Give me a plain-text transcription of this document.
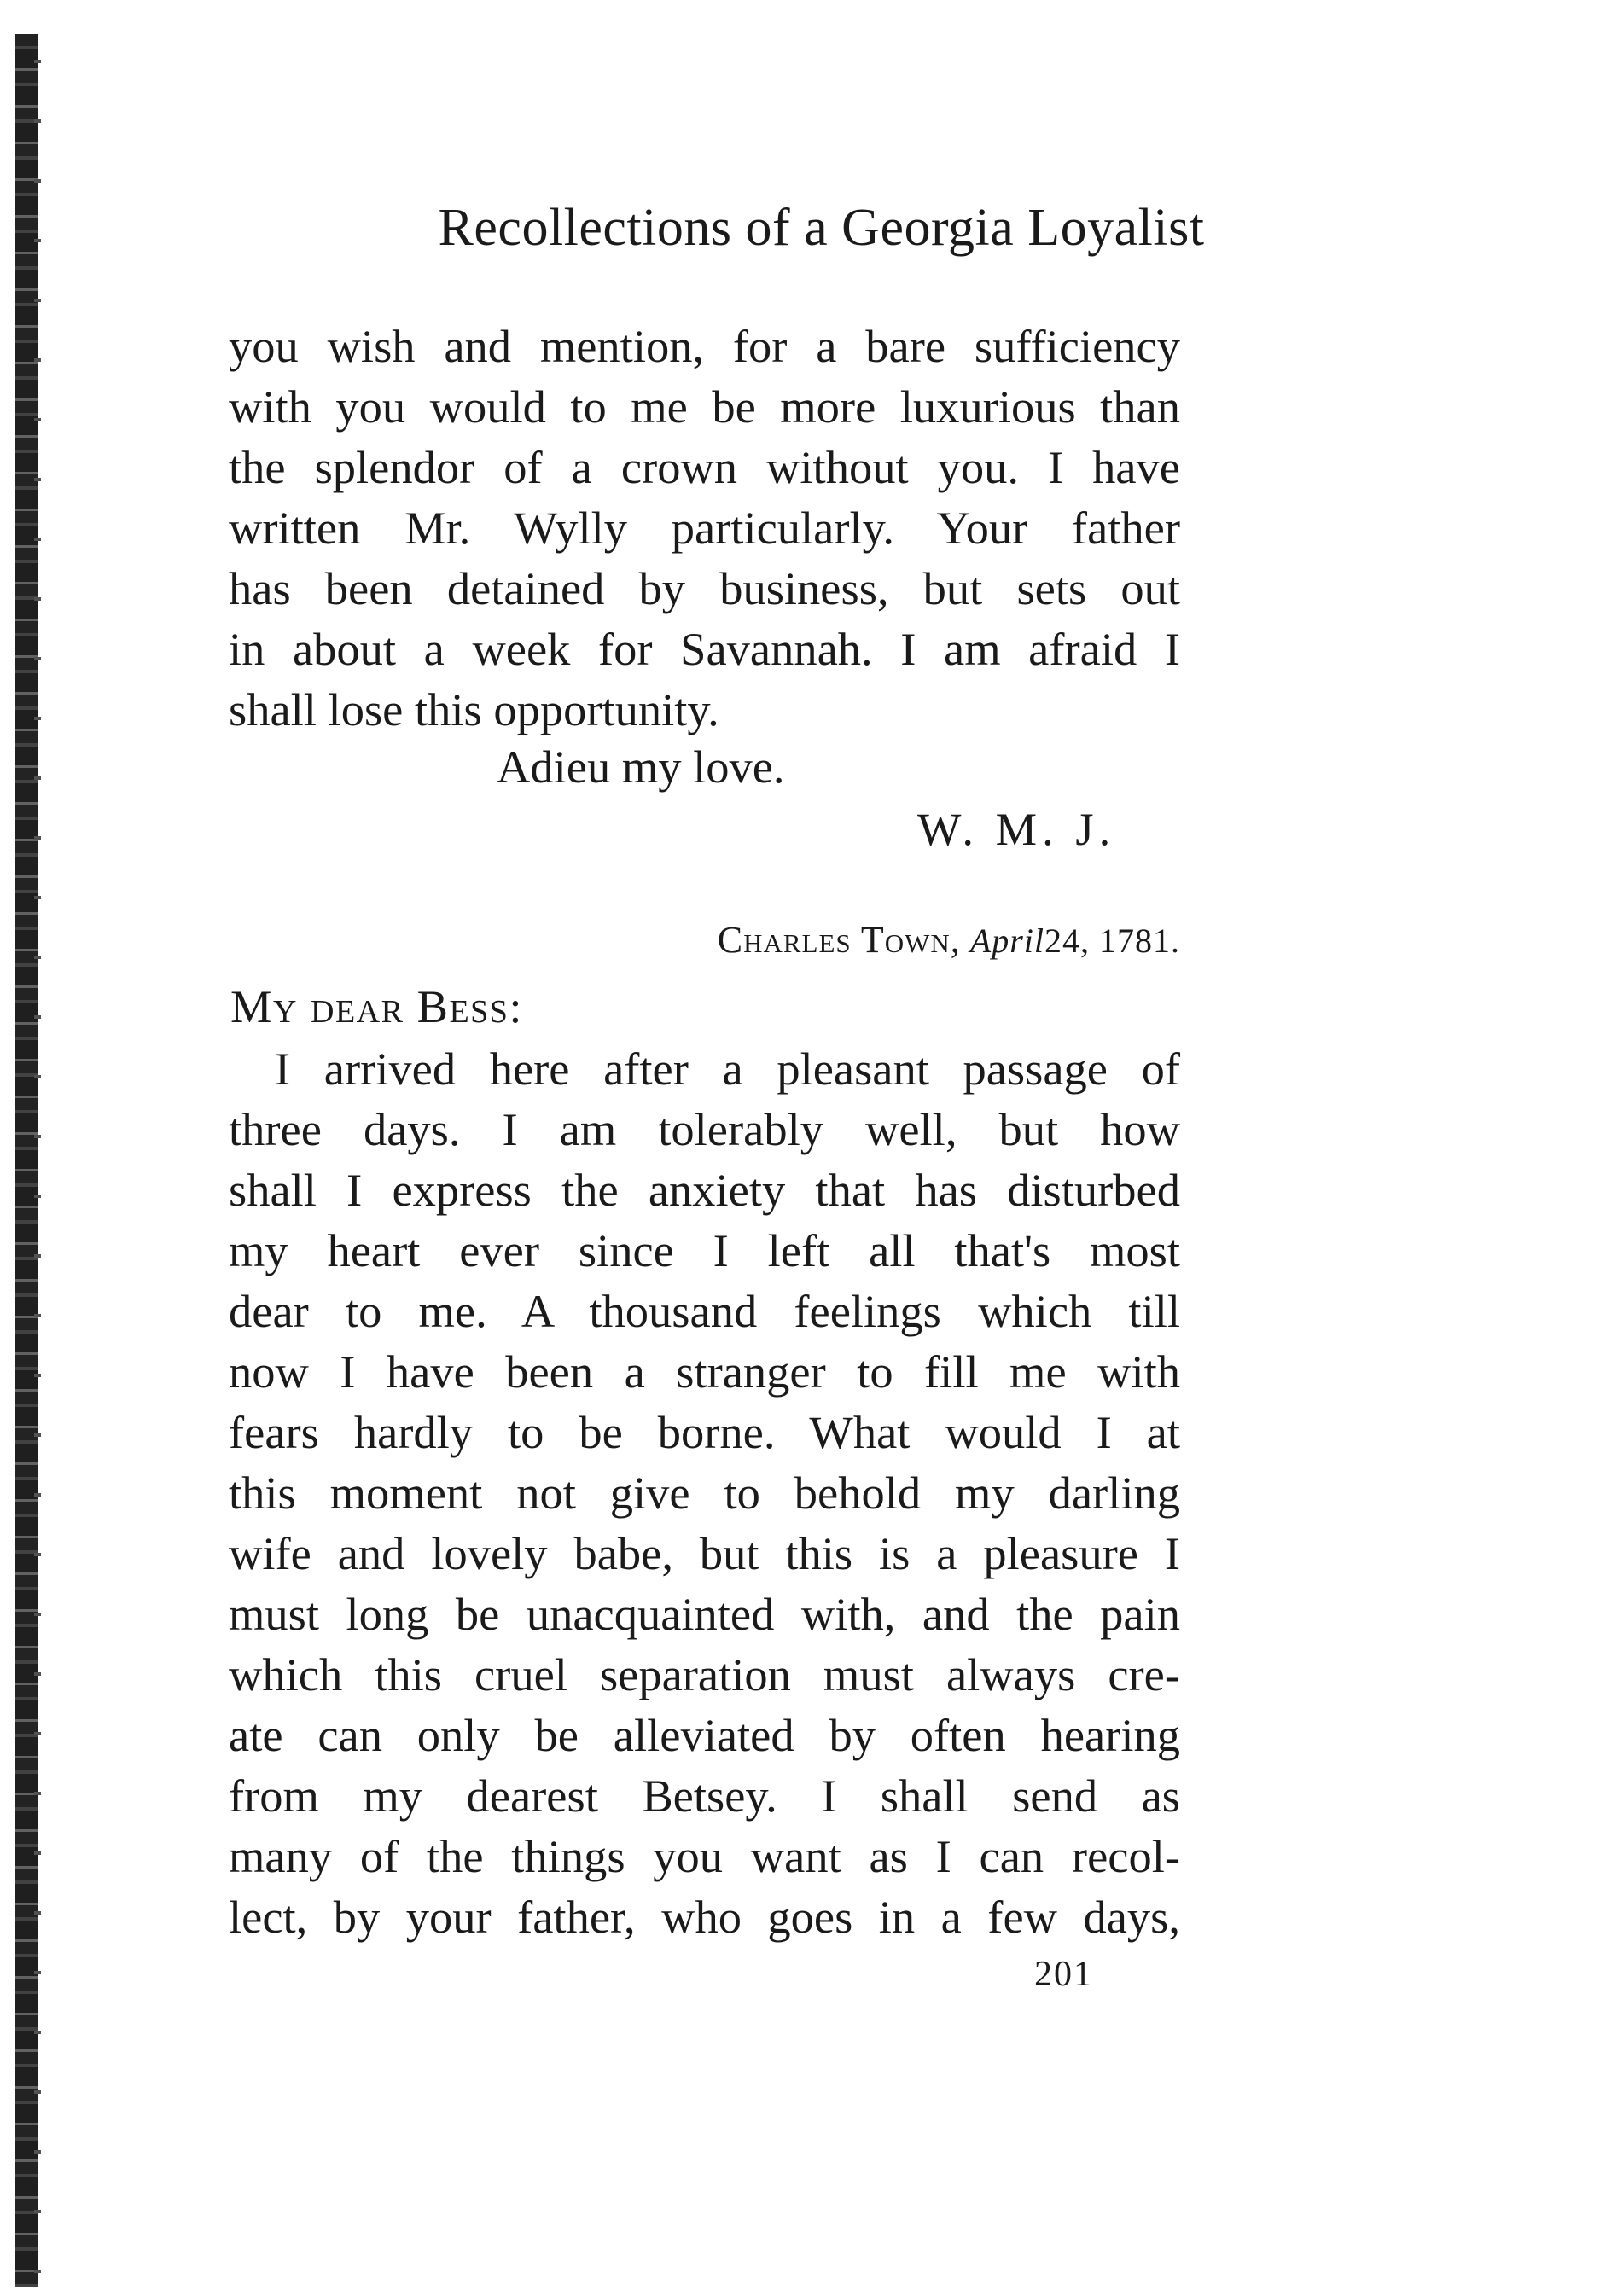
Recollections of a Georgia Loyalist
you wish and mention, for a bare sufficiency
with you would to me be more luxurious than
the splendor of a crown without you. I have
written Mr. Wylly particularly. Your father
has been detained by business, but sets out
in about a week for Savannah. I am afraid I
shall lose this opportunity.
Adieu my love.
W. M. J.
Charles Town, April24, 1781.
My dear Bess:
I arrived here after a pleasant passage of
three days. I am tolerably well, but how
shall I express the anxiety that has disturbed
my heart ever since I left all that's most
dear to me. A thousand feelings which till
now I have been a stranger to fill me with
fears hardly to be borne. What would I at
this moment not give to behold my darling
wife and lovely babe, but this is a pleasure I
must long be unacquainted with, and the pain
which this cruel separation must always cre-
ate can only be alleviated by often hearing
from my dearest Betsey. I shall send as
many of the things you want as I can recol-
lect, by your father, who goes in a few days,
201
